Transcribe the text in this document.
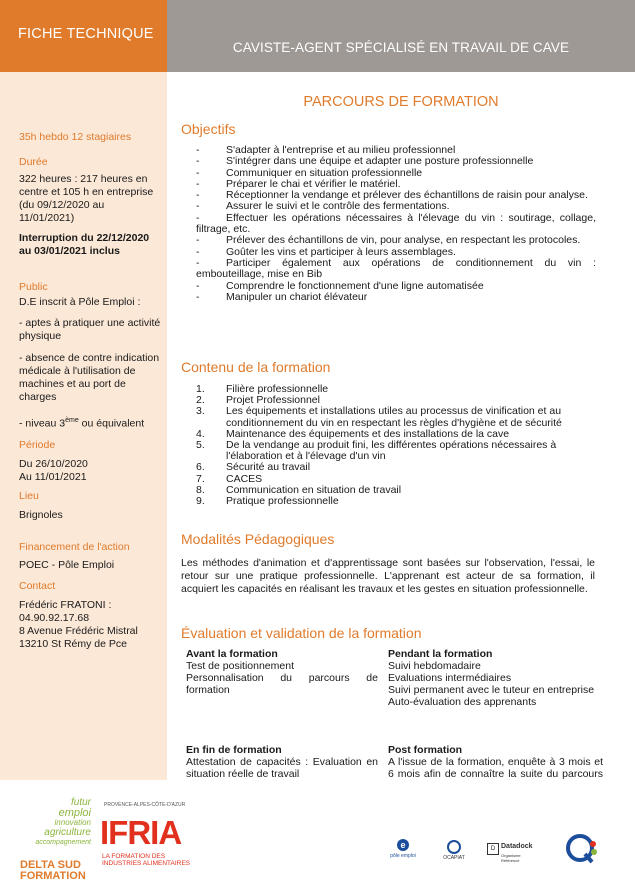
FICHE TECHNIQUE
CAVISTE-AGENT SPÉCIALISÉ EN TRAVAIL DE CAVE
35h hebdo 12 stagiaires
Durée
322 heures : 217 heures en centre et 105 h en entreprise (du 09/12/2020 au 11/01/2021)
Interruption du 22/12/2020 au 03/01/2021 inclus
Public
D.E inscrit à Pôle Emploi :
- aptes à pratiquer une activité physique
- absence de contre indication médicale à l'utilisation de machines et au port de charges
- niveau 3ème ou équivalent
Période
Du 26/10/2020
Au 11/01/2021
Lieu
Brignoles
Financement de l'action
POEC - Pôle Emploi
Contact
Frédéric FRATONI :
04.90.92.17.68
8 Avenue Frédéric Mistral
13210 St Rémy de Pce
PARCOURS DE FORMATION
Objectifs
-	S'adapter à l'entreprise et au milieu professionnel
-	S'intégrer dans une équipe et adapter une posture professionnelle
-	Communiquer en situation professionnelle
-	Préparer le chai et vérifier le matériel.
-	Réceptionner la vendange et prélever des échantillons de raisin pour analyse.
-	Assurer le suivi et le contrôle des fermentations.
-	Effectuer les opérations nécessaires à l'élevage du vin : soutirage, collage, filtrage, etc.
-	Prélever des échantillons de vin, pour analyse, en respectant les protocoles.
-	Goûter les vins et participer à leurs assemblages.
-	Participer également aux opérations de conditionnement du vin : embouteillage, mise en Bib
-	Comprendre le fonctionnement d'une ligne automatisée
-	Manipuler un chariot élévateur
Contenu de la formation
1. Filière professionnelle
2. Projet Professionnel
3. Les équipements et installations utiles au processus de vinification et au conditionnement du vin en respectant les règles d'hygiène et de sécurité
4. Maintenance des équipements et des installations de la cave
5. De la vendange au produit fini, les différentes opérations nécessaires à l'élaboration et à l'élevage d'un vin
6. Sécurité au travail
7. CACES
8. Communication en situation de travail
9. Pratique professionnelle
Modalités Pédagogiques
Les méthodes d'animation et d'apprentissage sont basées sur l'observation, l'essai, le retour sur une pratique professionnelle. L'apprenant est acteur de sa formation, il acquiert les capacités en réalisant les travaux et les gestes en situation professionnelle.
Évaluation et validation de la formation
Avant la formation
Test de positionnement
Personnalisation du parcours de formation
Pendant la formation
Suivi hebdomadaire
Evaluations intermédiaires
Suivi permanent avec le tuteur en entreprise
Auto-évaluation des apprenants
En fin de formation
Attestation de capacités : Evaluation en situation réelle de travail
Post formation
A l'issue de la formation, enquête à 3 mois et 6 mois afin de connaître la suite du parcours
futur
emploi
innovation
agriculture
accompagnement
DELTA SUD
FORMATION
PROVENCE-ALPES-CÔTE-D'AZUR
IFRIA
LA FORMATION DES
INDUSTRIES ALIMENTAIRES
e
pôle emploi	OCAPIAT
D Datadock
Organisme
Référencé
